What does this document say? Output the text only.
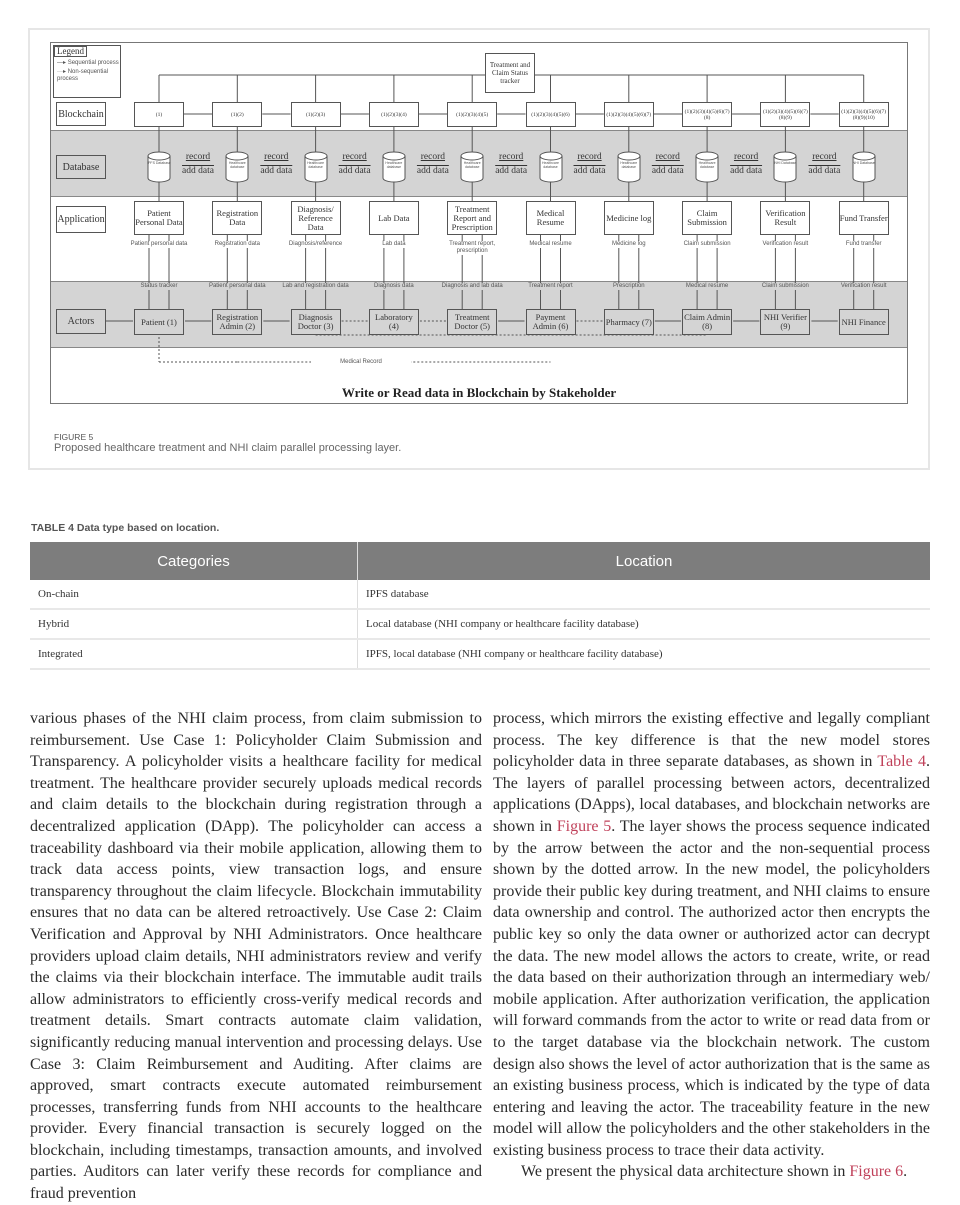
Legend
—▸ Sequential process
···▸ Non-sequential process
Treatment and Claim Status tracker
Blockchain
Database
Application
Actors
Medical Record
Write or Read data in Blockchain by Stakeholder
(1)
IPFS Database
record
add data
Patient Personal Data
Patient personal data
Status tracker
Patient (1)
(1)(2)
Healthcare database
record
add data
Registration Data
Registration data
Patient personal data
Registration Admin (2)
(1)(2)(3)
Healthcare database
record
add data
Diagnosis/ Reference Data
Diagnosis/reference
Lab and registration data
Diagnosis Doctor (3)
(1)(2)(3)(4)
Healthcare database
record
add data
Lab Data
Lab data
Diagnosis data
Laboratory (4)
(1)(2)(3)(4)(5)
Healthcare database
record
add data
Treatment Report and Prescription
Treatment report, prescription
Diagnosis and lab data
Treatment Doctor (5)
(1)(2)(3)(4)(5)(6)
Healthcare database
record
add data
Medical Resume
Medical resume
Treatment report
Payment Admin (6)
(1)(2)(3)(4)(5)(6)(7)
Healthcare database
record
add data
Medicine log
Medicine log
Prescription
Pharmacy (7)
(1)(2)(3)(4)(5)(6)(7)(8)
Healthcare database
record
add data
Claim Submission
Claim submission
Medical resume
Claim Admin (8)
(1)(2)(3)(4)(5)(6)(7)(8)(9)
NHI Database
record
add data
Verification Result
Verification result
Claim submission
NHI Verifier (9)
(1)(2)(3)(4)(5)(6)(7)(8)(9)(10)
NHI Database
Fund Transfer
Fund transfer
Verification result
NHI Finance
FIGURE 5
Proposed healthcare treatment and NHI claim parallel processing layer.
TABLE 4 Data type based on location.
Categories	Location
On-chain	IPFS database
Hybrid	Local database (NHI company or healthcare facility database)
Integrated	IPFS, local database (NHI company or healthcare facility database)

various phases of the NHI claim process, from claim submission to reimbursement. Use Case 1: Policyholder Claim Submission and Transparency. A policyholder visits a healthcare facility for medical treatment. The healthcare provider securely uploads medical records and claim details to the blockchain during registration through a decentralized application (DApp). The policyholder can access a traceability dashboard via their mobile application, allowing them to track data access points, view transaction logs, and ensure transparency throughout the claim lifecycle. Blockchain immutability ensures that no data can be altered retroactively. Use Case 2: Claim Verification and Approval by NHI Administrators. Once healthcare providers upload claim details, NHI administrators review and verify the claims via their blockchain interface. The immutable audit trails allow administrators to efficiently cross-verify medical records and treatment details. Smart contracts automate claim validation, significantly reducing manual intervention and processing delays. Use Case 3: Claim Reimbursement and Auditing. After claims are approved, smart contracts execute automated reimbursement processes, transferring funds from NHI accounts to the healthcare provider. Every financial transaction is securely logged on the blockchain, including timestamps, transaction amounts, and involved parties. Auditors can later verify these records for compliance and fraud prevention

process, which mirrors the existing effective and legally compliant process. The key difference is that the new model stores policyholder data in three separate databases, as shown in Table 4. The layers of parallel processing between actors, decentralized applications (DApps), local databases, and blockchain networks are shown in Figure 5. The layer shows the process sequence indicated by the arrow between the actor and the non-sequential process shown by the dotted arrow. In the new model, the policyholders provide their public key during treatment, and NHI claims to ensure data ownership and control. The authorized actor then encrypts the public key so only the data owner or authorized actor can decrypt the data. The new model allows the actors to create, write, or read the data based on their authorization through an intermediary web/ mobile application. After authorization verification, the application will forward commands from the actor to write or read data from or to the target database via the blockchain network. The custom design also shows the level of actor authorization that is the same as an existing business process, which is indicated by the type of data entering and leaving the actor. The traceability feature in the new model will allow the policyholders and the other stakeholders in the existing business process to trace their data activity.

We present the physical data architecture shown in Figure 6.
